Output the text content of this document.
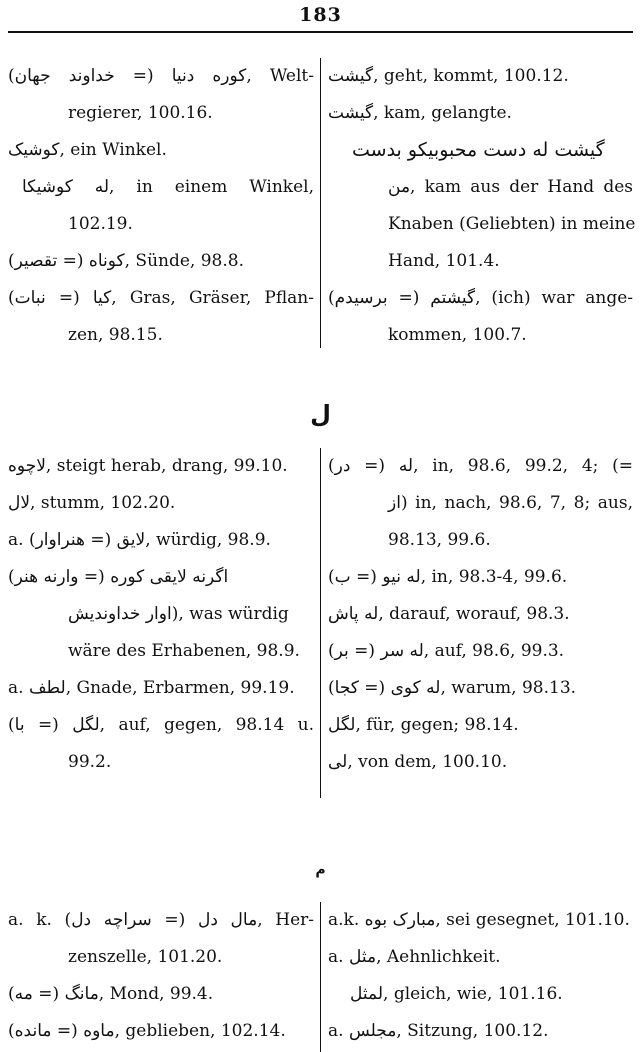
183
(خداوند جهان =) کوره دنیا, Welt-
regierer, 100.16.
کوشیک, ein Winkel.
له کوشیکا, in einem Winkel,
102.19.
(تقصیر =) کوناه, Sünde, 98.8.
(نبات =) کیا, Gras, Gräser, Pflan-
zen, 98.15.
گیشت, geht, kommt, 100.12.
گیشت, kam, gelangte.
گیشت له دست محبوبیکو بدست
من, kam aus der Hand des
Knaben (Geliebten) in meine
Hand, 101.4.
(برسیدم =) گیشتم, (ich) war ange-
kommen, 100.7.
ل
لاچوه, steigt herab, drang, 99.10.
لال, stumm, 102.20.
a. (هنراوار =) لایق, würdig, 98.9.
(وارنه هنر =) اگرنه لایقی کوره
اوار خداوندیش), was würdig
wäre des Erhabenen, 98.9.
a. لطف, Gnade, Erbarmen, 99.19.
(با =) لگل, auf, gegen, 98.14 u.
99.2.
(در =) له, in, 98.6, 99.2, 4; (=
از) in, nach, 98.6, 7, 8; aus,
98.13, 99.6.
(ب =) له نیو, in, 98.3-4, 99.6.
له پاش, darauf, worauf, 98.3.
(بر =) له سر, auf, 98.6, 99.3.
(کجا =) له کوی, warum, 98.13.
لگل, für, gegen; 98.14.
لی, von dem, 100.10.
م
a. k. (سراچه دل =) مال دل, Her-
zenszelle, 101.20.
(مه =) مانگ, Mond, 99.4.
(مانده =) ماوه, geblieben, 102.14.
a.k. مبارک بوه, sei gesegnet, 101.10.
a. مثل, Aehnlichkeit.
لمثل, gleich, wie, 101.16.
a. مجلس, Sitzung, 100.12.
